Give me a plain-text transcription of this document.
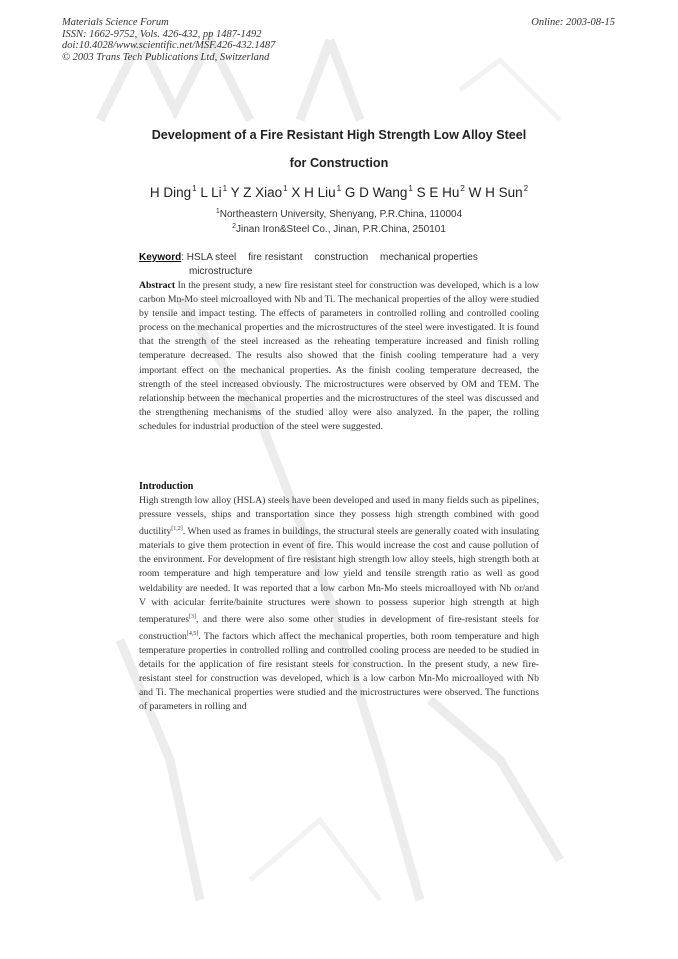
Materials Science Forum
ISSN: 1662-9752, Vols. 426-432, pp 1487-1492
doi:10.4028/www.scientific.net/MSF.426-432.1487
© 2003 Trans Tech Publications Ltd, Switzerland
Online: 2003-08-15
Development of a Fire Resistant High Strength Low Alloy Steel
for Construction
H Ding$^1$ L Li$^1$ Y Z Xiao$^1$ X H Liu$^1$ G D Wang$^1$ S E Hu$^2$ W H Sun$^2$
$^1$Northeastern University, Shenyang, P.R.China, 110004
$^2$Jinan Iron&Steel Co., Jinan, P.R.China, 250101
Keyword: HSLA steel fire resistant construction mechanical properties
microstructure
Abstract In the present study, a new fire resistant steel for construction was developed, which is a low carbon Mn-Mo steel microalloyed with Nb and Ti. The mechanical properties of the alloy were studied by tensile and impact testing. The effects of parameters in controlled rolling and controlled cooling process on the mechanical properties and the microstructures of the steel were investigated. It is found that the strength of the steel increased as the reheating temperature increased and finish rolling temperature decreased. The results also showed that the finish cooling temperature had a very important effect on the mechanical properties. As the finish cooling temperature decreased, the strength of the steel increased obviously. The microstructures were observed by OM and TEM. The relationship between the mechanical properties and the microstructures of the steel was discussed and the strengthening mechanisms of the studied alloy were also analyzed. In the paper, the rolling schedules for industrial production of the steel were suggested.
Introduction
High strength low alloy (HSLA) steels have been developed and used in many fields such as pipelines, pressure vessels, ships and transportation since they possess high strength combined with good ductility[1,2]. When used as frames in buildings, the structural steels are generally coated with insulating materials to give them protection in event of fire. This would increase the cost and cause pollution of the environment. For development of fire resistant high strength low alloy steels, high strength both at room temperature and high temperature and low yield and tensile strength ratio as well as good weldability are needed. It was reported that a low carbon Mn-Mo steels microalloyed with Nb or/and V with acicular ferrite/bainite structures were shown to possess superior high strength at high temperatures[3], and there were also some other studies in development of fire-resistant steels for construction[4,5]. The factors which affect the mechanical properties, both room temperature and high temperature properties in controlled rolling and controlled cooling process are needed to be studied in details for the application of fire resistant steels for construction. In the present study, a new fire-resistant steel for construction was developed, which is a low carbon Mn-Mo microalloyed with Nb and Ti. The mechanical properties were studied and the microstructures were observed. The functions of parameters in rolling and
